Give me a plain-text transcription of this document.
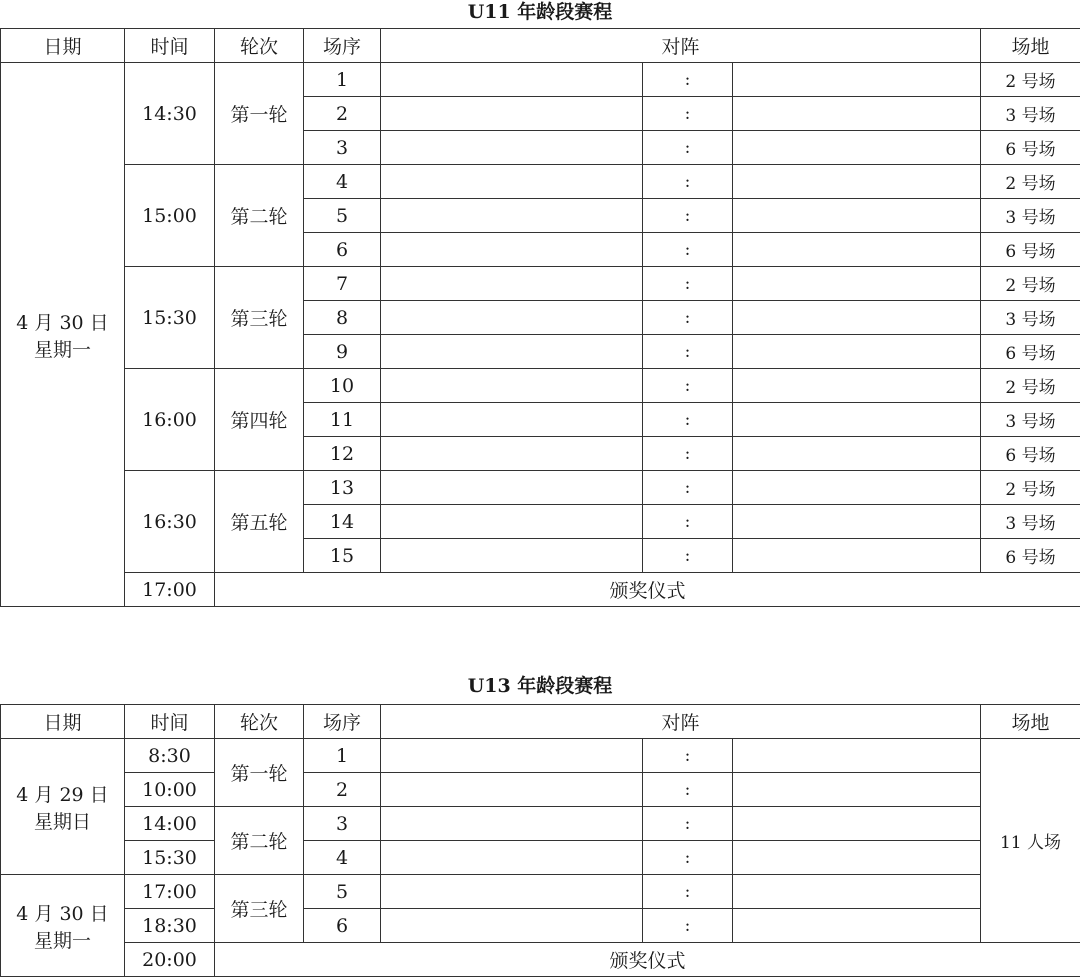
U11 年龄段赛程
日期	时间	轮次	场序	对阵			场地

4 月 30 日
星期一	14:30	第一轮	1		:		2 号场
			2		:		3 号场
			3		:		6 号场
	15:00	第二轮	4		:		2 号场
			5		:		3 号场
			6		:		6 号场
	15:30	第三轮	7		:		2 号场
			8		:		3 号场
			9		:		6 号场
	16:00	第四轮	10		:		2 号场
			11		:		3 号场
			12		:		6 号场
	16:30	第五轮	13		:		2 号场
			14		:		3 号场
			15		:		6 号场
	17:00	颁奖仪式					
U13 年龄段赛程
日期	时间	轮次	场序	对阵			场地

4 月 29 日
星期日	8:30	第一轮	1		:		11 人场
	10:00		2		:		
	14:00	第二轮	3		:		
	15:30		4		:		

4 月 30 日
星期一	17:00	第三轮	5		:		
	18:30		6		:		
	20:00	颁奖仪式					
